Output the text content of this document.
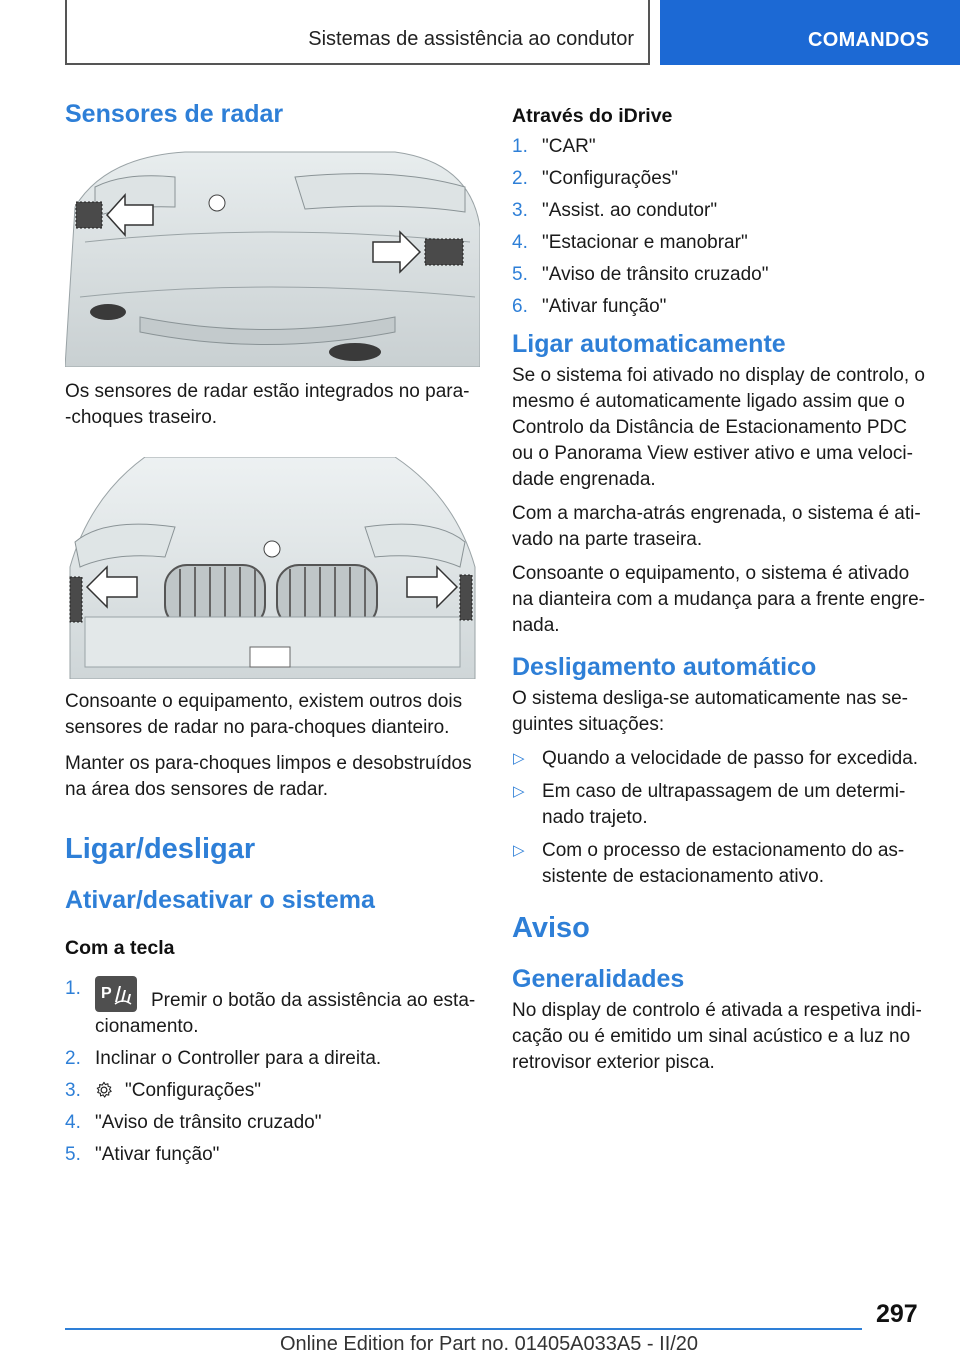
Sistemas de assistência ao condutor	COMANDOS
Sensores de radar

Os sensores de radar estão integrados no para-
-choques traseiro.

Consoante o equipamento, existem outros dois sensores de radar no para-choques dianteiro.

Manter os para-choques limpos e desobstruídos na área dos sensores de radar.

Ligar/desligar
Ativar/desativar o sistema
Com a tecla
1. P Premir o botão da assistência ao esta-cionamento.
2. Inclinar o Controller para a direita.
3. "Configurações"
4. "Aviso de trânsito cruzado"
5. "Ativar função"
Através do iDrive
1. "CAR"
2. "Configurações"
3. "Assist. ao condutor"
4. "Estacionar e manobrar"
5. "Aviso de trânsito cruzado"
6. "Ativar função"
Ligar automaticamente

Se o sistema foi ativado no display de controlo, o mesmo é automaticamente ligado assim que o Controlo da Distância de Estacionamento PDC ou o Panorama View estiver ativo e uma veloci-dade engrenada.

Com a marcha-atrás engrenada, o sistema é ati-vado na parte traseira.

Consoante o equipamento, o sistema é ativado na dianteira com a mudança para a frente engre-nada.

Desligamento automático

O sistema desliga-se automaticamente nas se-guintes situações:

▷ Quando a velocidade de passo for excedida.
▷ Em caso de ultrapassagem de um determi-nado trajeto.
▷ Com o processo de estacionamento do as-sistente de estacionamento ativo.
Aviso
Generalidades

No display de controlo é ativada a respetiva indi-cação ou é emitido um sinal acústico e a luz no retrovisor exterior pisca.

297
Online Edition for Part no. 01405A033A5 - II/20
